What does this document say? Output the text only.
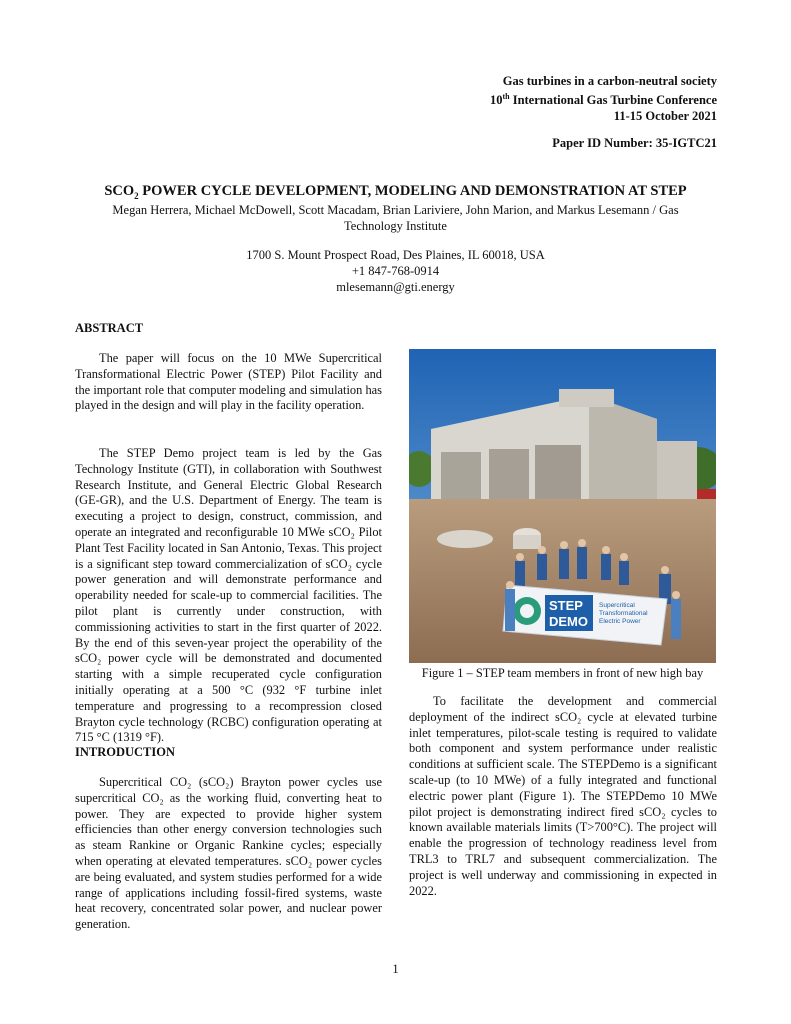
Gas turbines in a carbon-neutral society
10th International Gas Turbine Conference
11-15 October 2021
Paper ID Number: 35-IGTC21
$SCO_2$ POWER CYCLE DEVELOPMENT, MODELING AND DEMONSTRATION AT STEP
Megan Herrera, Michael McDowell, Scott Macadam, Brian Lariviere, John Marion, and Markus Lesemann / Gas
Technology Institute
1700 S. Mount Prospect Road, Des Plaines, IL 60018, USA
+1 847-768-0914
mlesemann@gti.energy
ABSTRACT

The paper will focus on the 10 MWe Supercritical Transformational Electric Power (STEP) Pilot Facility and the important role that computer modeling and simulation has played in the design and will play in the facility operation.

The STEP Demo project team is led by the Gas Technology Institute (GTI), in collaboration with Southwest Research Institute, and General Electric Global Research (GE-GR), and the U.S. Department of Energy. The team is executing a project to design, construct, commission, and operate an integrated and reconfigurable 10 MWe sCO₂ Pilot Plant Test Facility located in San Antonio, Texas. This project is a significant step toward commercialization of sCO₂ cycle power generation and will demonstrate performance and operability needed for scale-up to commercial facilities. The pilot plant is currently under construction, with commissioning activities to start in the first quarter of 2022. By the end of this seven-year project the operability of the sCO₂ power cycle will be demonstrated and documented starting with a simple recuperated cycle configuration initially operating at a 500 °C (932 °F turbine inlet temperature and progressing to a recompression closed Brayton cycle technology (RCBC) configuration operating at 715 °C (1319 °F).

INTRODUCTION

Supercritical CO₂ (sCO₂) Brayton power cycles use supercritical CO₂ as the working fluid, converting heat to power. They are expected to provide higher system efficiencies than other energy conversion technologies such as steam Rankine or Organic Rankine cycles; especially when operating at elevated temperatures. sCO₂ power cycles are being evaluated, and system studies performed for a wide range of applications including fossil-fired systems, waste heat recovery, concentrated solar power, and nuclear power generation.

STEP
DEMO
Supercritical
Transformational
Electric Power
Figure 1 – STEP team members in front of new high bay

To facilitate the development and commercial deployment of the indirect sCO₂ cycle at elevated turbine inlet temperatures, pilot-scale testing is required to validate both component and system performance under realistic conditions at sufficient scale. The STEPDemo is a significant scale-up (to 10 MWe) of a fully integrated and functional electric power plant (Figure 1). The STEPDemo 10 MWe pilot project is demonstrating indirect fired sCO₂ cycles to known available materials limits (T>700°C). The project will enable the progression of technology readiness level from TRL3 to TRL7 and subsequent commercialization. The project is well underway and commissioning in expected in 2022.

1
